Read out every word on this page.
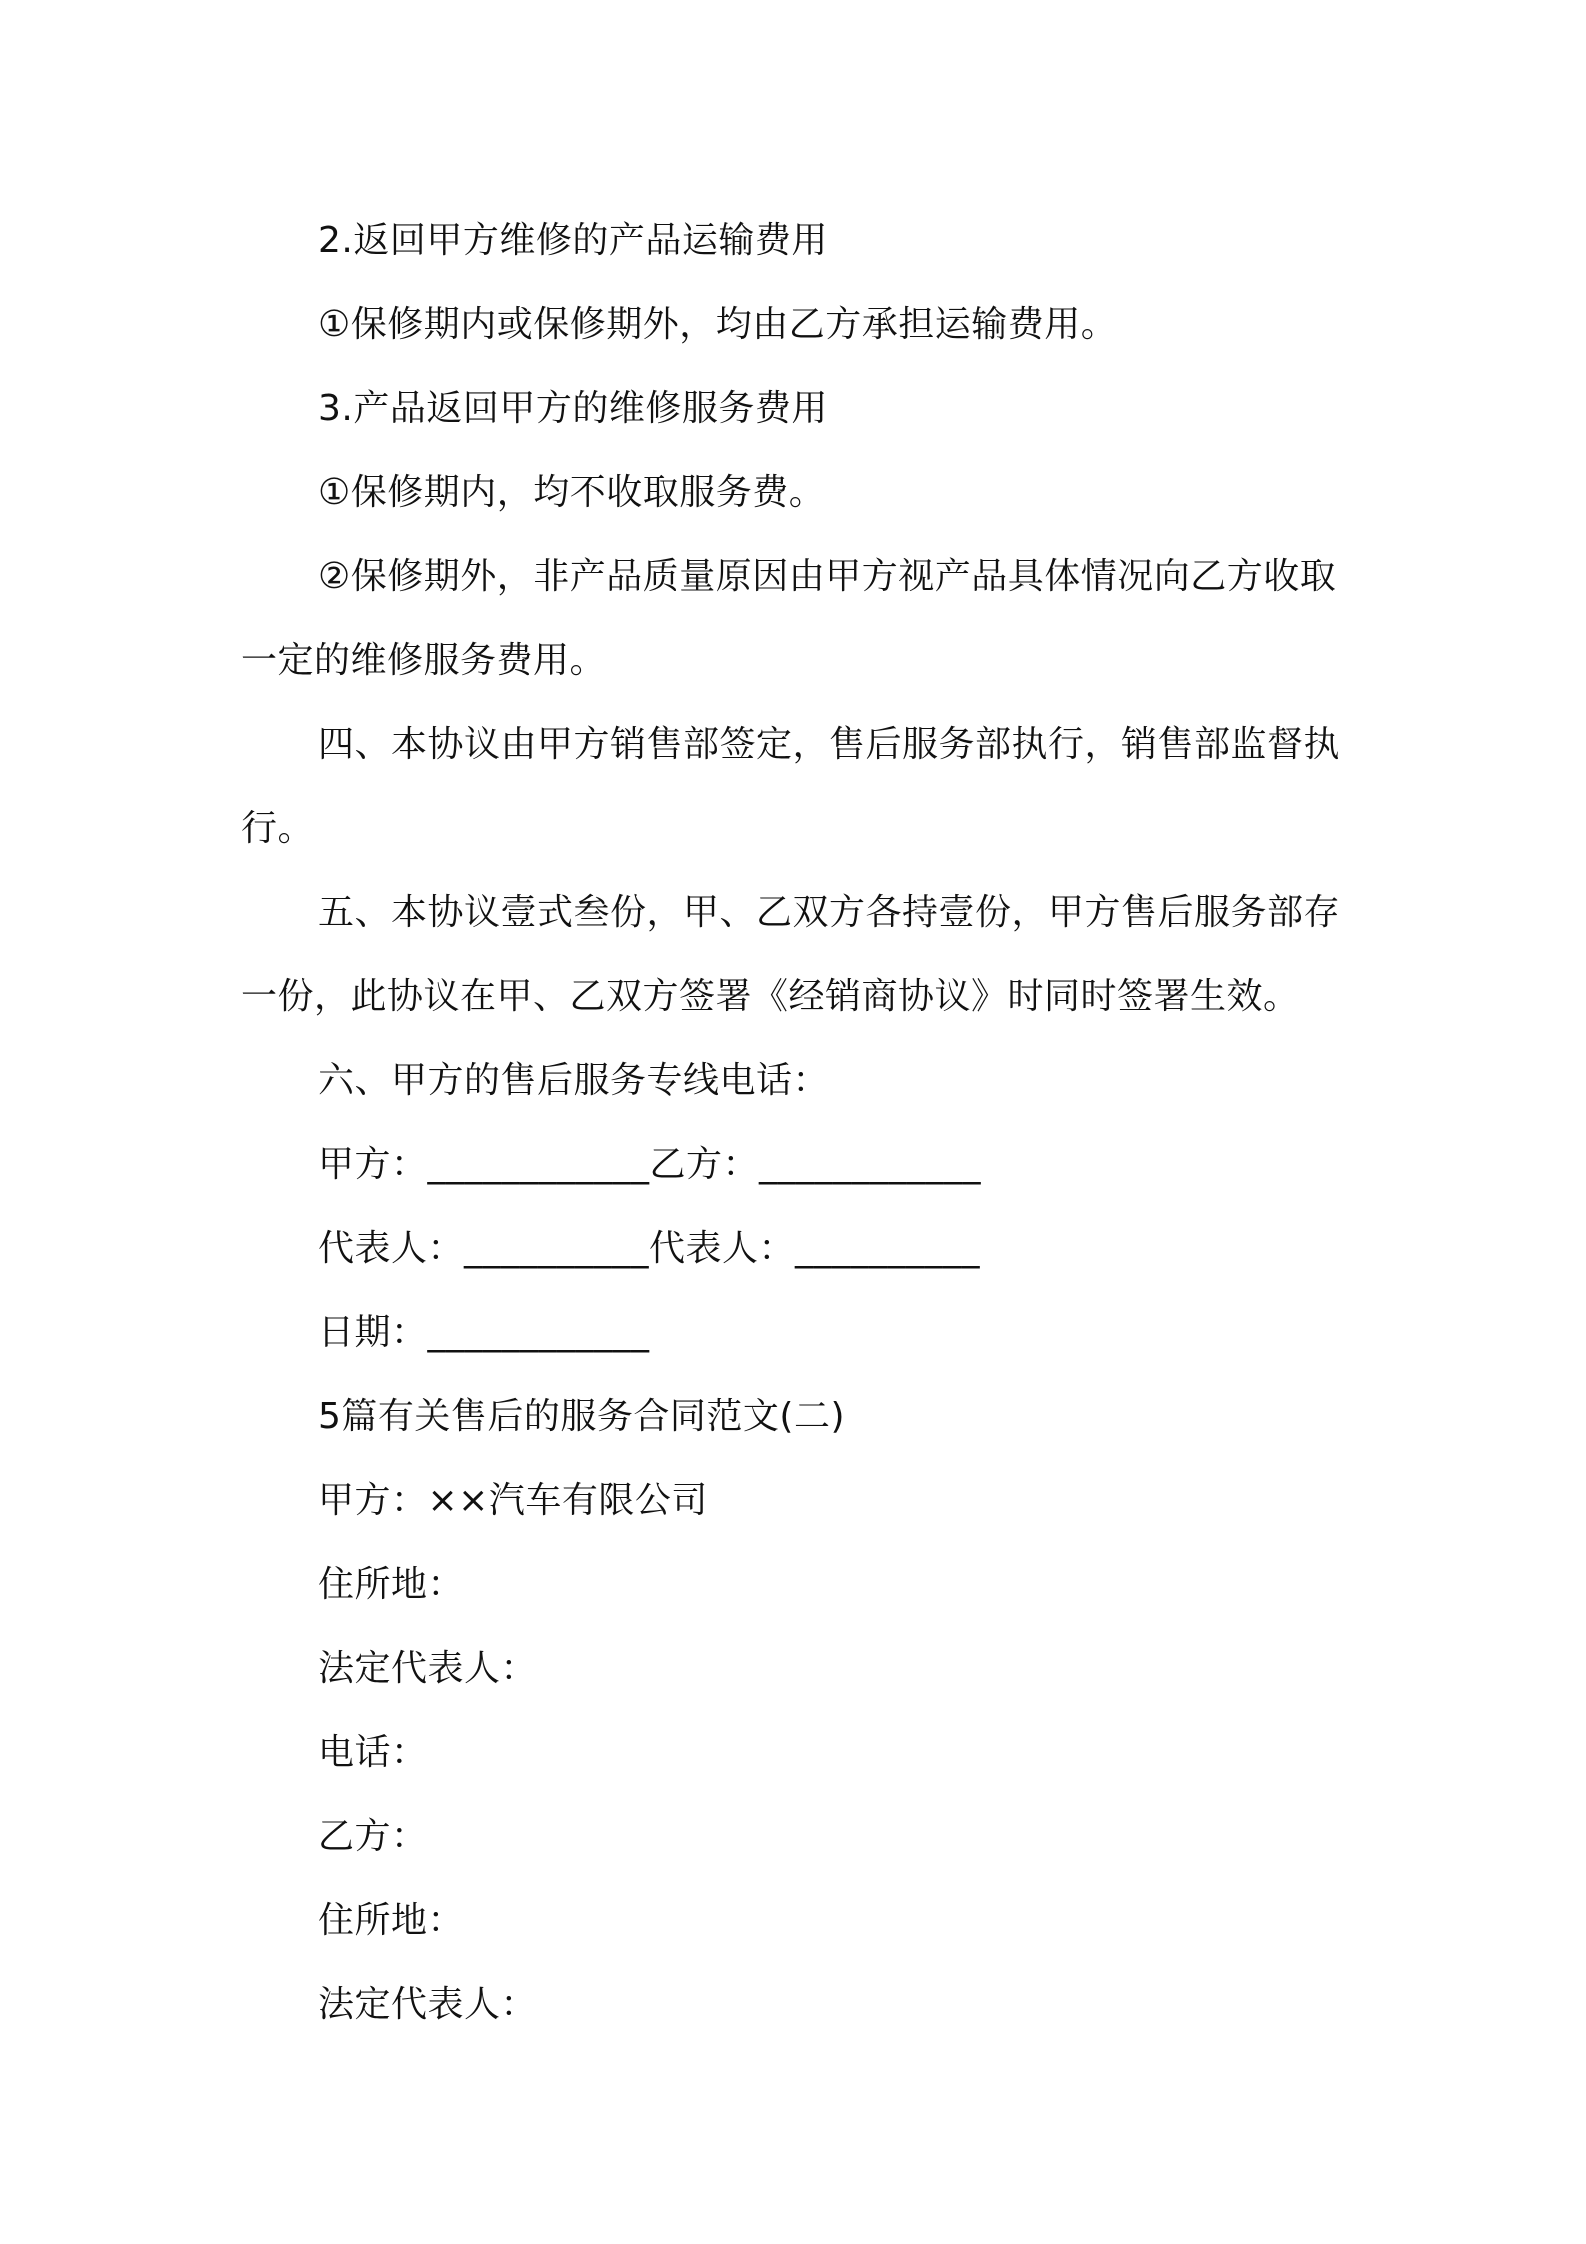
2.返回甲方维修的产品运输费用

①保修期内或保修期外，均由乙方承担运输费用。

3.产品返回甲方的维修服务费用

①保修期内，均不收取服务费。

②保修期外，非产品质量原因由甲方视产品具体情况向乙方收取一定的维修服务费用。

四、本协议由甲方销售部签定，售后服务部执行，销售部监督执行。

五、本协议壹式叁份，甲、乙双方各持壹份，甲方售后服务部存一份，此协议在甲、乙双方签署《经销商协议》时同时签署生效。

六、甲方的售后服务专线电话：

甲方：____________乙方：____________

代表人：__________代表人：__________

日期：____________

5篇有关售后的服务合同范文(二)

甲方：××汽车有限公司

住所地：

法定代表人：

电话：

乙方：

住所地：

法定代表人：
